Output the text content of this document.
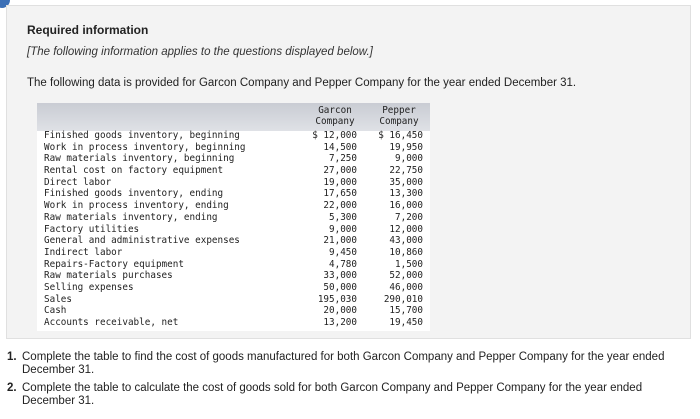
Required information
[The following information applies to the questions displayed below.]
The following data is provided for Garcon Company and Pepper Company for the year ended December 31.
Garcon
Company
Pepper
Company
Finished goods inventory, beginning	$ 12,000 $ 16,450
Work in process inventory, beginning	14,500	19,950
Raw materials inventory, beginning	7,250	9,000
Rental cost on factory equipment	27,000	22,750
Direct labor	19,000	35,000
Finished goods inventory, ending	17,650	13,300
Work in process inventory, ending	22,000	16,000
Raw materials inventory, ending	5,300	7,200
Factory utilities	9,000	12,000
General and administrative expenses	21,000	43,000
Indirect labor	9,450	10,860
Repairs-Factory equipment	4,780	1,500
Raw materials purchases	33,000	52,000
Selling expenses	50,000	46,000
Sales	195,030	290,010
Cash	20,000	15,700
Accounts receivable, net	13,200	19,450
1. Complete the table to find the cost of goods manufactured for both Garcon Company and Pepper Company for the year ended December 31.
2. Complete the table to calculate the cost of goods sold for both Garcon Company and Pepper Company for the year ended December 31.
